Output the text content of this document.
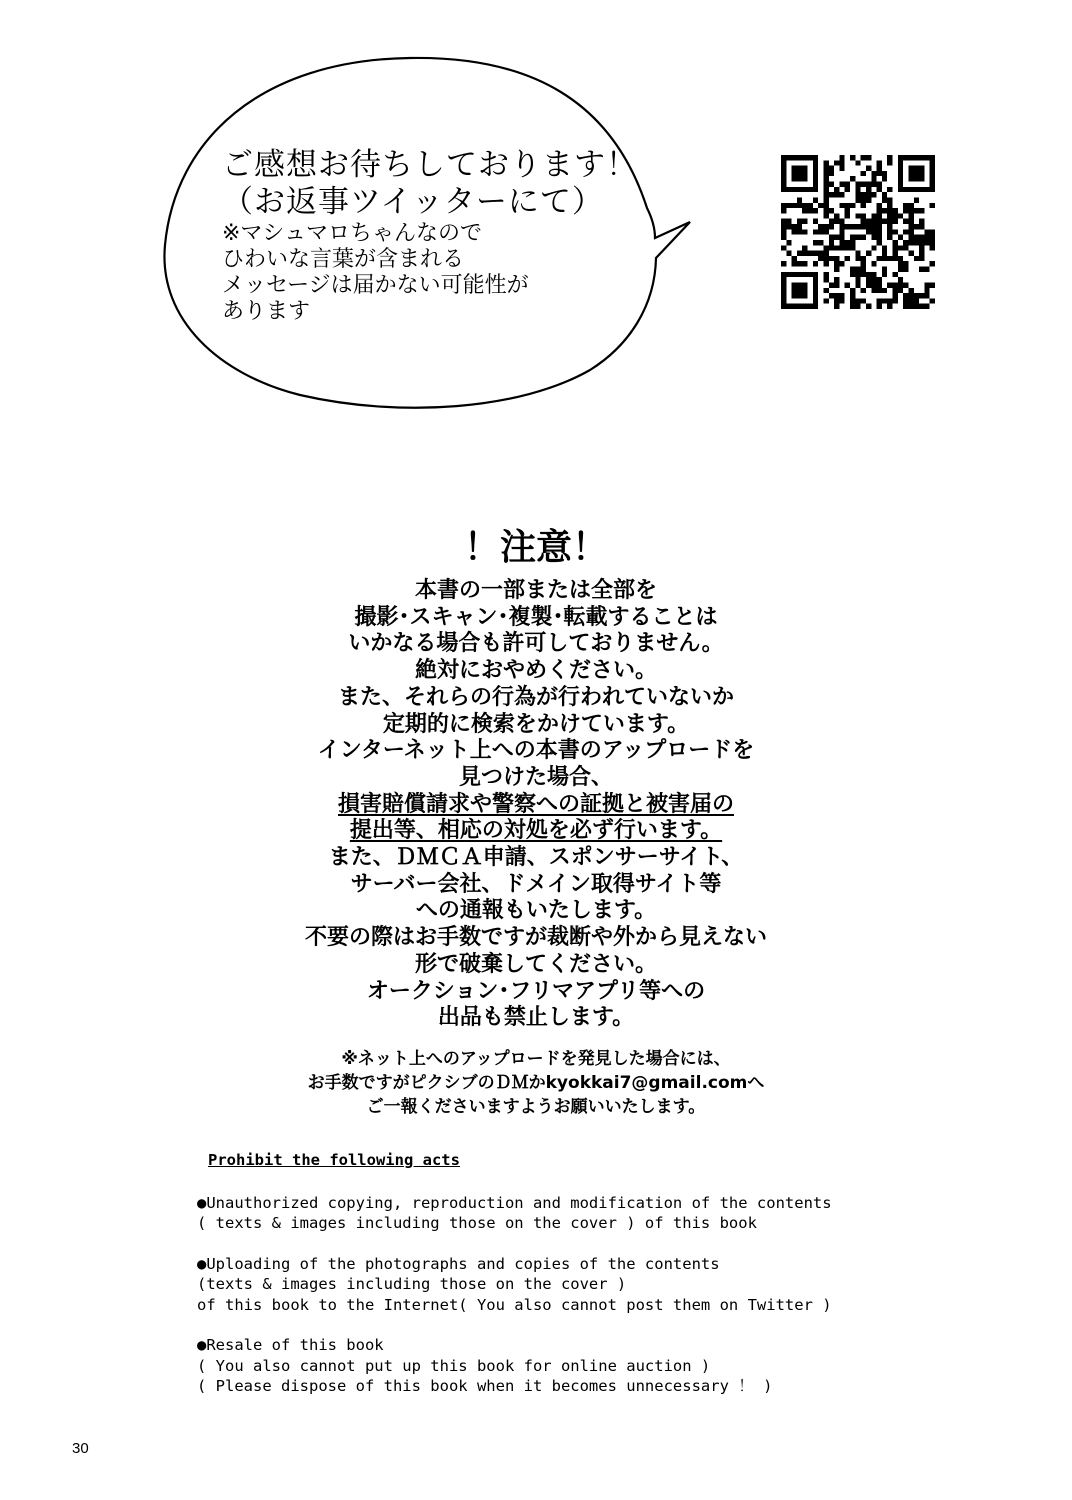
ご感想お待ちしております！
（お返事ツイッターにて）
※マシュマロちゃんなので
ひわいな言葉が含まれる
メッセージは届かない可能性が
あります
！注意！
本書の一部または全部を
撮影･スキャン･複製･転載することは
いかなる場合も許可しておりません。
絶対におやめください。
また、それらの行為が行われていないか
定期的に検索をかけています。
インターネット上への本書のアップロードを
見つけた場合、
損害賠償請求や警察への証拠と被害届の
提出等、相応の対処を必ず行います。
また、ＤＭＣＡ申請、スポンサーサイト、
サーバー会社、ドメイン取得サイト等
への通報もいたします。
不要の際はお手数ですが裁断や外から見えない
形で破棄してください。
オークション･フリマアプリ等への
出品も禁止します。
※ネット上へのアップロードを発見した場合には、
お手数ですがピクシブのＤＭかkyokkai7@gmail.comへ
ご一報くださいますようお願いいたします。
Prohibit the following acts
●Unauthorized copying, reproduction and modification of the contents
( texts & images including those on the cover ) of this book
●Uploading of the photographs and copies of the contents
(texts & images including those on the cover )
of this book to the Internet( You also cannot post them on Twitter )
●Resale of this book
( You also cannot put up this book for online auction )
( Please dispose of this book when it becomes unnecessary ！ )
30
